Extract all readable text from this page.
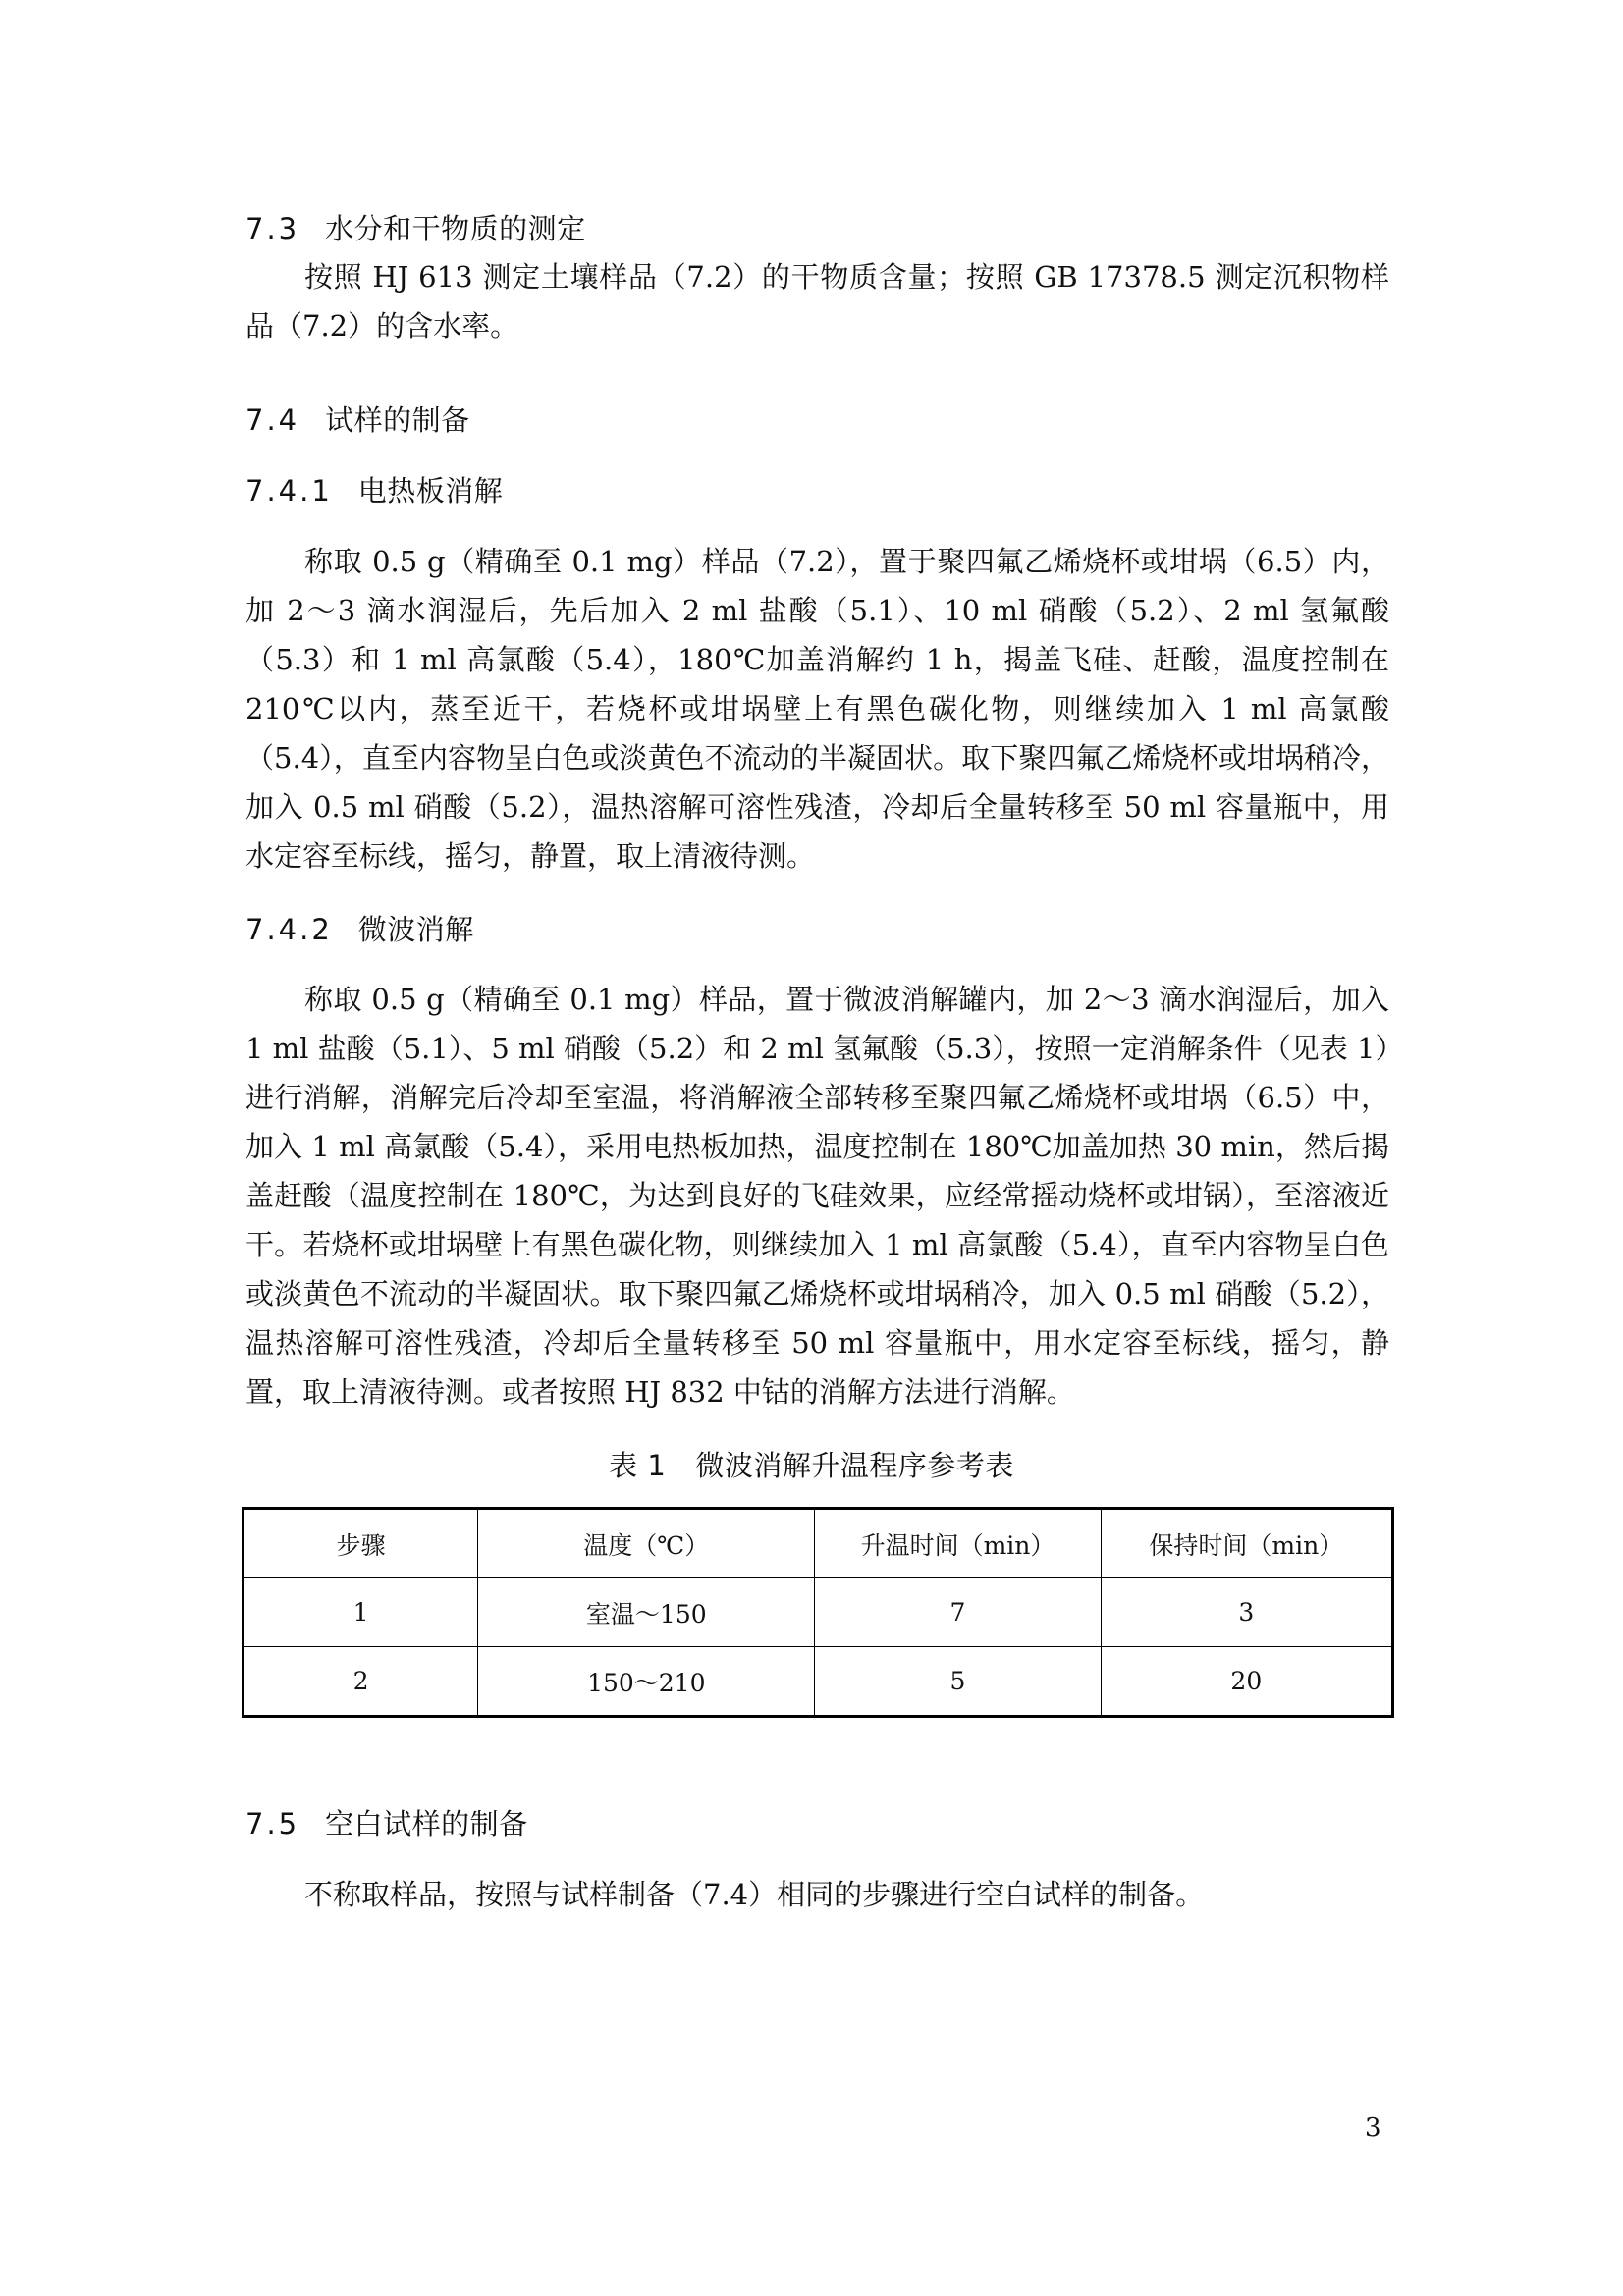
7.3 水分和干物质的测定

按照 HJ 613 测定土壤样品（7.2）的干物质含量；按照 GB 17378.5 测定沉积物样品（7.2）的含水率。

7.4 试样的制备
7.4.1 电热板消解

称取 0.5 g（精确至 0.1 mg）样品（7.2），置于聚四氟乙烯烧杯或坩埚（6.5）内，加 2～3 滴水润湿后，先后加入 2 ml 盐酸（5.1）、10 ml 硝酸（5.2）、2 ml 氢氟酸（5.3）和 1 ml 高氯酸（5.4），180℃加盖消解约 1 h，揭盖飞硅、赶酸，温度控制在 210℃以内，蒸至近干，若烧杯或坩埚壁上有黑色碳化物，则继续加入 1 ml 高氯酸（5.4），直至内容物呈白色或淡黄色不流动的半凝固状。取下聚四氟乙烯烧杯或坩埚稍冷，加入 0.5 ml 硝酸（5.2），温热溶解可溶性残渣，冷却后全量转移至 50 ml 容量瓶中，用水定容至标线，摇匀，静置，取上清液待测。

7.4.2 微波消解

称取 0.5 g（精确至 0.1 mg）样品，置于微波消解罐内，加 2～3 滴水润湿后，加入 1 ml 盐酸（5.1）、5 ml 硝酸（5.2）和 2 ml 氢氟酸（5.3），按照一定消解条件（见表 1）进行消解，消解完后冷却至室温，将消解液全部转移至聚四氟乙烯烧杯或坩埚（6.5）中，加入 1 ml 高氯酸（5.4），采用电热板加热，温度控制在 180℃加盖加热 30 min，然后揭盖赶酸（温度控制在 180℃，为达到良好的飞硅效果，应经常摇动烧杯或坩锅），至溶液近干。若烧杯或坩埚壁上有黑色碳化物，则继续加入 1 ml 高氯酸（5.4），直至内容物呈白色或淡黄色不流动的半凝固状。取下聚四氟乙烯烧杯或坩埚稍冷，加入 0.5 ml 硝酸（5.2），温热溶解可溶性残渣，冷却后全量转移至 50 ml 容量瓶中，用水定容至标线，摇匀，静置，取上清液待测。或者按照 HJ 832 中钴的消解方法进行消解。

表 1 微波消解升温程序参考表
步骤	温度（℃）	升温时间（min）	保持时间（min）
1	室温～150	7	3
2	150～210	5	20
7.5 空白试样的制备

不称取样品，按照与试样制备（7.4）相同的步骤进行空白试样的制备。

3
